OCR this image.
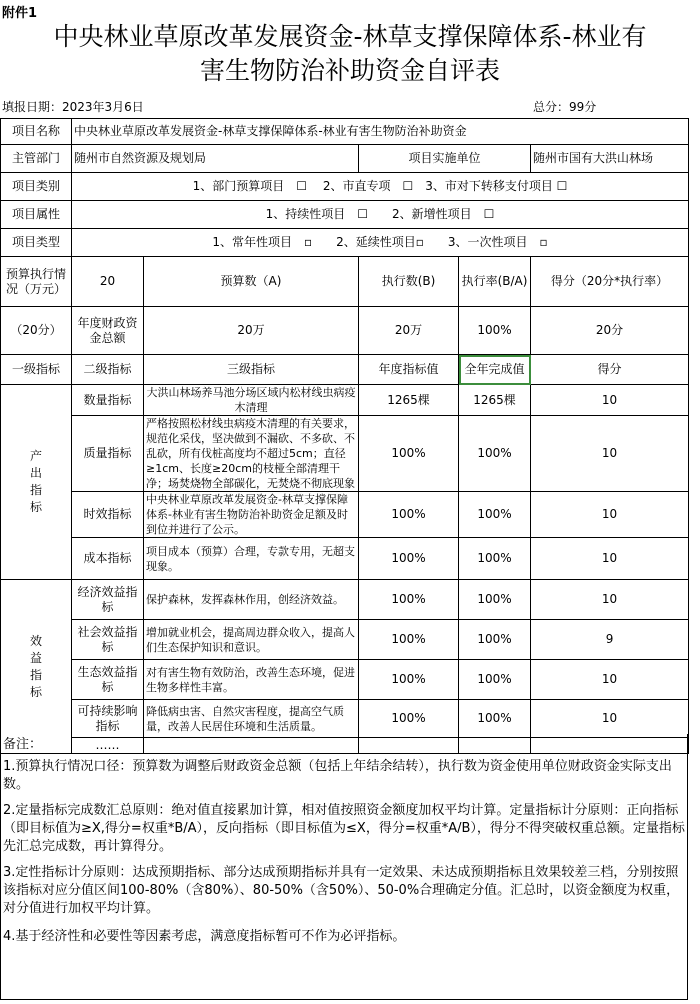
附件1
中央林业草原改革发展资金-林草支撑保障体系-林业有
害生物防治补助资金自评表
填报日期：2023年3月6日	总分：99分
项目名称	中央林业草原改革发展资金-林草支撑保障体系-林业有害生物防治补助资金				
主管部门	随州市自然资源及规划局		项目实施单位		随州市国有大洪山林场
项目类别	1、部门预算项目　☐　 2、市直专项　☐　3、市对下转移支付项目 ☐				
项目属性	1、持续性项目　☐　　2、新增性项目　☐				
项目类型	1、常年性项目　▫　　2、延续性项目▫　　3、一次性项目　▫				
预算执行情况（万元）	20	预算数（A)	执行数(B)	执行率(B/A)	得分（20分*执行率）
（20分）	年度财政资金总额	20万	20万	100%	20分
一级指标	二级指标	三级指标	年度指标值	全年完成值	得分
产出指标	数量指标	大洪山林场养马池分场区域内松材线虫病疫木清理	1265棵	1265棵	10
	质量指标	严格按照松材线虫病疫木清理的有关要求，规范化采伐，坚决做到不漏砍、不多砍、不乱砍，所有伐桩高度均不超过5cm；直径≥1cm、长度≥20cm的枝桠全部清理干净；场焚烧物全部碳化，无焚烧不彻底现象	100%	100%	10
	时效指标	中央林业草原改革发展资金-林草支撑保障体系-林业有害生物防治补助资金足额及时到位并进行了公示。	100%	100%	10
	成本指标	项目成本（预算）合理，专款专用，无超支现象。	100%	100%	10
效益指标	经济效益指标	保护森林，发挥森林作用，创经济效益。	100%	100%	10
	社会效益指标	增加就业机会，提高周边群众收入，提高人们生态保护知识和意识。	100%	100%	9
	生态效益指标	对有害生物有效防治，改善生态环境，促进生物多样性丰富。	100%	100%	10
	可持续影响指标	降低病虫害、自然灾害程度，提高空气质量，改善人民居住环境和生活质量。	100%	100%	10
	……				

备注：

1.预算执行情况口径：预算数为调整后财政资金总额（包括上年结余结转），执行数为资金使用单位财政资金实际支出数。

2.定量指标完成数汇总原则：绝对值直接累加计算，相对值按照资金额度加权平均计算。定量指标计分原则：正向指标（即目标值为≥X,得分=权重*B/A），反向指标（即目标值为≤X，得分=权重*A/B），得分不得突破权重总额。定量指标先汇总完成数，再计算得分。

3.定性指标计分原则：达成预期指标、部分达成预期指标并具有一定效果、未达成预期指标且效果较差三档，分别按照该指标对应分值区间100-80%（含80%）、80-50%（含50%）、50-0%合理确定分值。汇总时，以资金额度为权重，对分值进行加权平均计算。

4.基于经济性和必要性等因素考虑，满意度指标暂可不作为必评指标。
